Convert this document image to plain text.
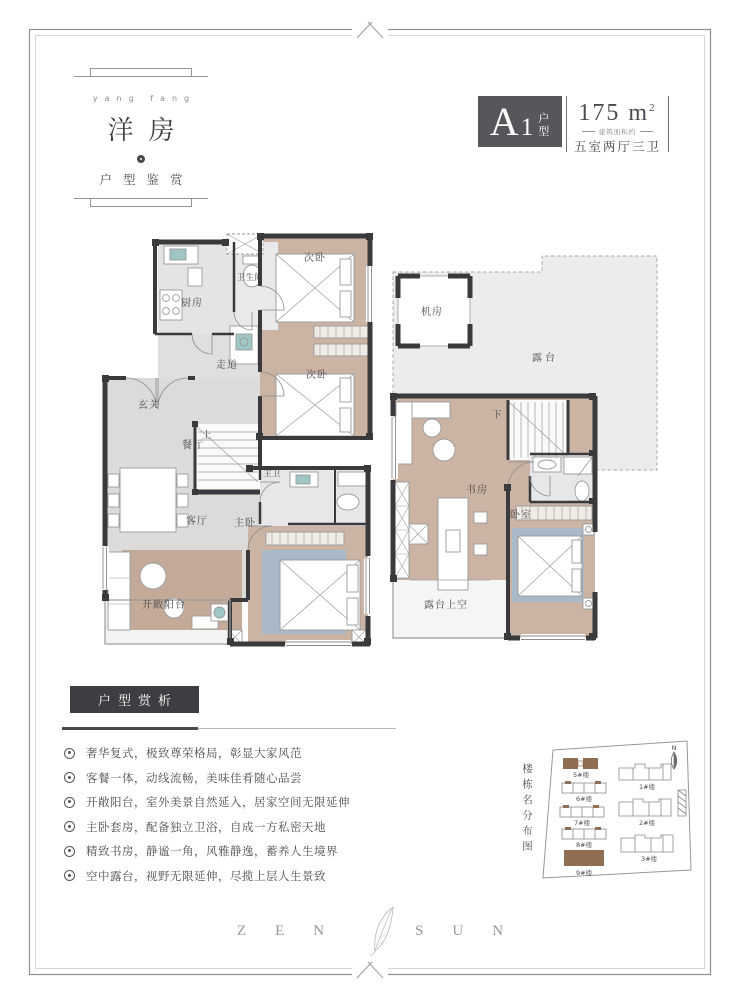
yang fang
洋房
户型鉴赏
A 1 户型
175 $m^2$
建筑面积约
五室两厅三卫
厨房
卫生间
次卧
次卧
走道
玄关
上
餐厅
客厅
主卫
主卧
开敞阳台
机房
露台
下
书房
卧室
露台上空
户型赏析
奢华复式，极致尊荣格局，彰显大家风范
客餐一体，动线流畅，美味佳肴随心品尝
开敞阳台，室外美景自然延入，居家空间无限延伸
主卧套房，配备独立卫浴，自成一方私密天地
精致书房，静谧一角，风雅静逸，蓄养人生境界
空中露台，视野无限延伸，尽揽上层人生景致
楼栋名分布图
N
5#楼
6#楼
7#楼
8#楼
9#楼
1#楼
2#楼
3#楼
ZEN	SUN
